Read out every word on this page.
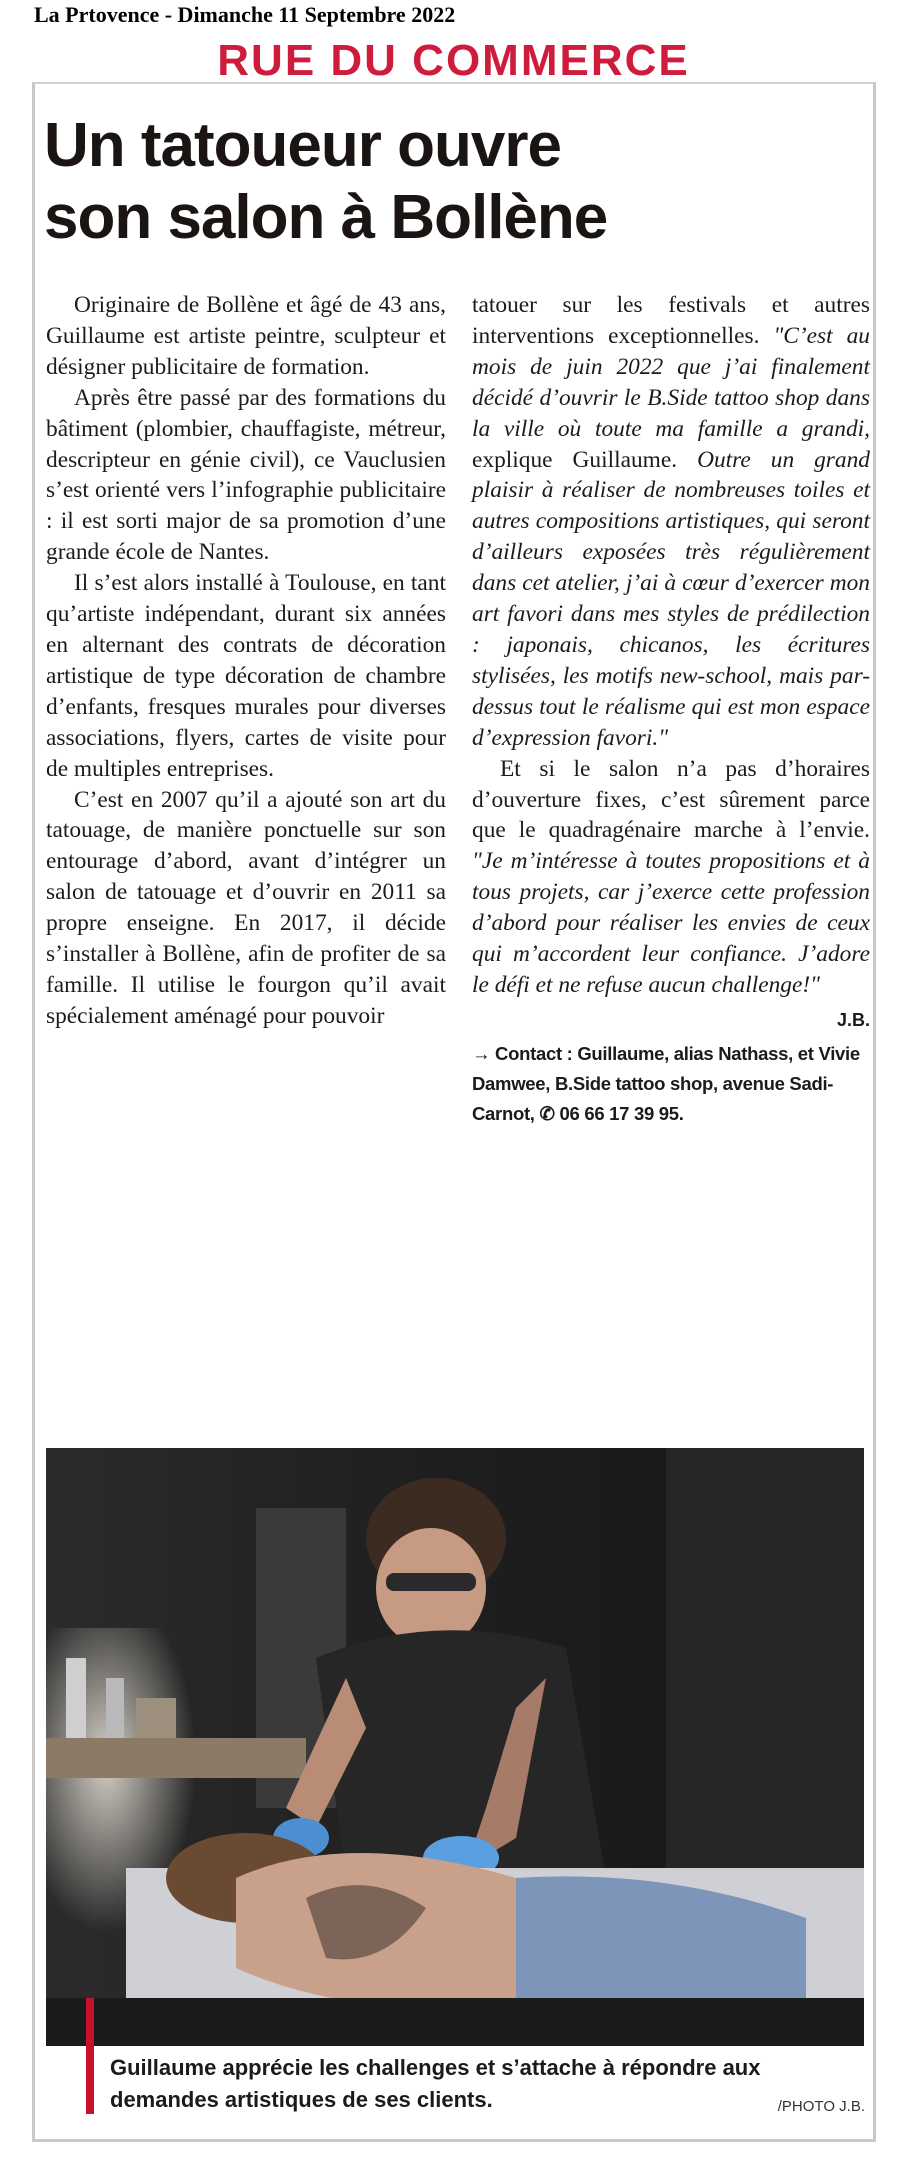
La Prtovence - Dimanche 11 Septembre 2022
RUE DU COMMERCE
Un tatoueur ouvre
son salon à Bollène

Originaire de Bollène et âgé de 43 ans, Guillaume est artiste peintre, sculpteur et désigner publicitaire de formation.

Après être passé par des formations du bâtiment (plombier, chauffagiste, métreur, descripteur en génie civil), ce Vauclusien s’est orienté vers l’infographie publicitaire : il est sorti major de sa promotion d’une grande école de Nantes.

Il s’est alors installé à Toulouse, en tant qu’artiste indépendant, durant six années en alternant des contrats de décoration artistique de type décoration de chambre d’enfants, fresques murales pour diverses associations, flyers, cartes de visite pour de multiples entreprises.

C’est en 2007 qu’il a ajouté son art du tatouage, de manière ponctuelle sur son entourage d’abord, avant d’intégrer un salon de tatouage et d’ouvrir en 2011 sa propre enseigne. En 2017, il décide s’installer à Bollène, afin de profiter de sa famille. Il utilise le fourgon qu’il avait spécialement aménagé pour pouvoir

tatouer sur les festivals et autres interventions exceptionnelles. "C’est au mois de juin 2022 que j’ai finalement décidé d’ouvrir le B.Side tattoo shop dans la ville où toute ma famille a grandi, explique Guillaume. Outre un grand plaisir à réaliser de nombreuses toiles et autres compositions artistiques, qui seront d’ailleurs exposées très régulièrement dans cet atelier, j’ai à cœur d’exercer mon art favori dans mes styles de prédilection : japonais, chicanos, les écritures stylisées, les motifs new-school, mais par-dessus tout le réalisme qui est mon espace d’expression favori."

Et si le salon n’a pas d’horaires d’ouverture fixes, c’est sûrement parce que le quadragénaire marche à l’envie. "Je m’intéresse à toutes propositions et à tous projets, car j’exerce cette profession d’abord pour réaliser les envies de ceux qui m’accordent leur confiance. J’adore le défi et ne refuse aucun challenge!"

J.B.
→ Contact : Guillaume, alias Nathass, et Vivie Damwee, B.Side tattoo shop, avenue Sadi-Carnot, ✆ 06 66 17 39 95.
Guillaume apprécie les challenges et s’attache à répondre aux demandes artistiques de ses clients.	/PHOTO J.B.
